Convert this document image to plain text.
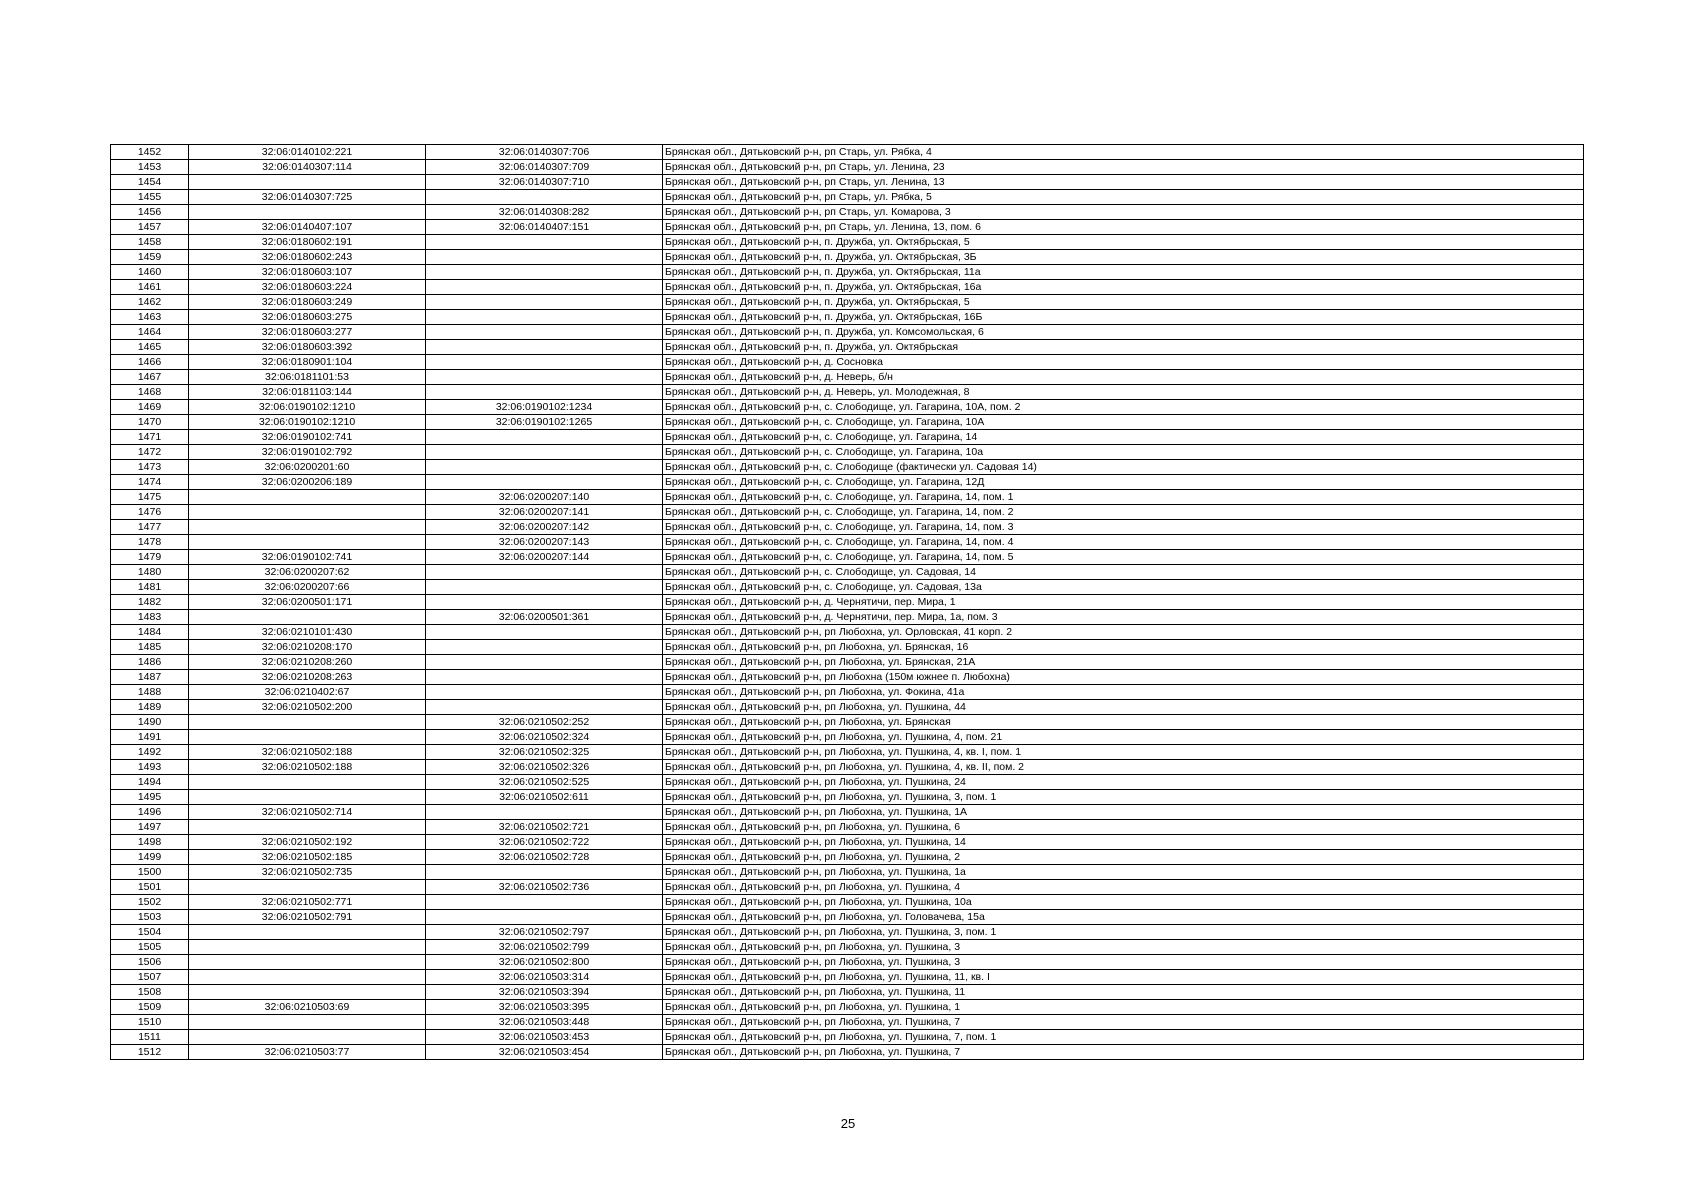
1452	32:06:0140102:221	32:06:0140307:706	Брянская обл., Дятьковский р-н, рп Старь, ул. Рябка, 4
1453	32:06:0140307:114	32:06:0140307:709	Брянская обл., Дятьковский р-н, рп Старь, ул. Ленина, 23
1454		32:06:0140307:710	Брянская обл., Дятьковский р-н, рп Старь, ул. Ленина, 13
1455	32:06:0140307:725		Брянская обл., Дятьковский р-н, рп Старь, ул. Рябка, 5
1456		32:06:0140308:282	Брянская обл., Дятьковский р-н, рп Старь, ул. Комарова, 3
1457	32:06:0140407:107	32:06:0140407:151	Брянская обл., Дятьковский р-н, рп Старь, ул. Ленина, 13, пом. 6
1458	32:06:0180602:191		Брянская обл., Дятьковский р-н, п. Дружба, ул. Октябрьская, 5
1459	32:06:0180602:243		Брянская обл., Дятьковский р-н, п. Дружба, ул. Октябрьская, 3Б
1460	32:06:0180603:107		Брянская обл., Дятьковский р-н, п. Дружба, ул. Октябрьская, 11а
1461	32:06:0180603:224		Брянская обл., Дятьковский р-н, п. Дружба, ул. Октябрьская, 16а
1462	32:06:0180603:249		Брянская обл., Дятьковский р-н, п. Дружба, ул. Октябрьская, 5
1463	32:06:0180603:275		Брянская обл., Дятьковский р-н, п. Дружба, ул. Октябрьская, 16Б
1464	32:06:0180603:277		Брянская обл., Дятьковский р-н, п. Дружба, ул. Комсомольская, 6
1465	32:06:0180603:392		Брянская обл., Дятьковский р-н, п. Дружба, ул. Октябрьская
1466	32:06:0180901:104		Брянская обл., Дятьковский р-н, д. Сосновка
1467	32:06:0181101:53		Брянская обл., Дятьковский р-н, д. Неверь, б/н
1468	32:06:0181103:144		Брянская обл., Дятьковский р-н, д. Неверь, ул. Молодежная, 8
1469	32:06:0190102:1210	32:06:0190102:1234	Брянская обл., Дятьковский р-н, с. Слободище, ул. Гагарина, 10А, пом. 2
1470	32:06:0190102:1210	32:06:0190102:1265	Брянская обл., Дятьковский р-н, с. Слободище, ул. Гагарина, 10А
1471	32:06:0190102:741		Брянская обл., Дятьковский р-н, с. Слободище, ул. Гагарина, 14
1472	32:06:0190102:792		Брянская обл., Дятьковский р-н, с. Слободище, ул. Гагарина, 10а
1473	32:06:0200201:60		Брянская обл., Дятьковский р-н, с. Слободище (фактически ул. Садовая 14)
1474	32:06:0200206:189		Брянская обл., Дятьковский р-н, с. Слободище, ул. Гагарина, 12Д
1475		32:06:0200207:140	Брянская обл., Дятьковский р-н, с. Слободище, ул. Гагарина, 14, пом. 1
1476		32:06:0200207:141	Брянская обл., Дятьковский р-н, с. Слободище, ул. Гагарина, 14, пом. 2
1477		32:06:0200207:142	Брянская обл., Дятьковский р-н, с. Слободище, ул. Гагарина, 14, пом. 3
1478		32:06:0200207:143	Брянская обл., Дятьковский р-н, с. Слободище, ул. Гагарина, 14, пом. 4
1479	32:06:0190102:741	32:06:0200207:144	Брянская обл., Дятьковский р-н, с. Слободище, ул. Гагарина, 14, пом. 5
1480	32:06:0200207:62		Брянская обл., Дятьковский р-н, с. Слободище, ул. Садовая, 14
1481	32:06:0200207:66		Брянская обл., Дятьковский р-н, с. Слободище, ул. Садовая, 13а
1482	32:06:0200501:171		Брянская обл., Дятьковский р-н, д. Чернятичи, пер. Мира, 1
1483		32:06:0200501:361	Брянская обл., Дятьковский р-н, д. Чернятичи, пер. Мира, 1а, пом. 3
1484	32:06:0210101:430		Брянская обл., Дятьковский р-н, рп Любохна, ул. Орловская, 41 корп. 2
1485	32:06:0210208:170		Брянская обл., Дятьковский р-н, рп Любохна, ул. Брянская, 16
1486	32:06:0210208:260		Брянская обл., Дятьковский р-н, рп Любохна, ул. Брянская, 21А
1487	32:06:0210208:263		Брянская обл., Дятьковский р-н, рп Любохна (150м южнее п. Любохна)
1488	32:06:0210402:67		Брянская обл., Дятьковский р-н, рп Любохна, ул. Фокина, 41а
1489	32:06:0210502:200		Брянская обл., Дятьковский р-н, рп Любохна, ул. Пушкина, 44
1490		32:06:0210502:252	Брянская обл., Дятьковский р-н, рп Любохна, ул. Брянская
1491		32:06:0210502:324	Брянская обл., Дятьковский р-н, рп Любохна, ул. Пушкина, 4, пом. 21
1492	32:06:0210502:188	32:06:0210502:325	Брянская обл., Дятьковский р-н, рп Любохна, ул. Пушкина, 4, кв. I, пом. 1
1493	32:06:0210502:188	32:06:0210502:326	Брянская обл., Дятьковский р-н, рп Любохна, ул. Пушкина, 4, кв. II, пом. 2
1494		32:06:0210502:525	Брянская обл., Дятьковский р-н, рп Любохна, ул. Пушкина, 24
1495		32:06:0210502:611	Брянская обл., Дятьковский р-н, рп Любохна, ул. Пушкина, 3, пом. 1
1496	32:06:0210502:714		Брянская обл., Дятьковский р-н, рп Любохна, ул. Пушкина, 1А
1497		32:06:0210502:721	Брянская обл., Дятьковский р-н, рп Любохна, ул. Пушкина, 6
1498	32:06:0210502:192	32:06:0210502:722	Брянская обл., Дятьковский р-н, рп Любохна, ул. Пушкина, 14
1499	32:06:0210502:185	32:06:0210502:728	Брянская обл., Дятьковский р-н, рп Любохна, ул. Пушкина, 2
1500	32:06:0210502:735		Брянская обл., Дятьковский р-н, рп Любохна, ул. Пушкина, 1а
1501		32:06:0210502:736	Брянская обл., Дятьковский р-н, рп Любохна, ул. Пушкина, 4
1502	32:06:0210502:771		Брянская обл., Дятьковский р-н, рп Любохна, ул. Пушкина, 10а
1503	32:06:0210502:791		Брянская обл., Дятьковский р-н, рп Любохна, ул. Головачева, 15а
1504		32:06:0210502:797	Брянская обл., Дятьковский р-н, рп Любохна, ул. Пушкина, 3, пом. 1
1505		32:06:0210502:799	Брянская обл., Дятьковский р-н, рп Любохна, ул. Пушкина, 3
1506		32:06:0210502:800	Брянская обл., Дятьковский р-н, рп Любохна, ул. Пушкина, 3
1507		32:06:0210503:314	Брянская обл., Дятьковский р-н, рп Любохна, ул. Пушкина, 11, кв. I
1508		32:06:0210503:394	Брянская обл., Дятьковский р-н, рп Любохна, ул. Пушкина, 11
1509	32:06:0210503:69	32:06:0210503:395	Брянская обл., Дятьковский р-н, рп Любохна, ул. Пушкина, 1
1510		32:06:0210503:448	Брянская обл., Дятьковский р-н, рп Любохна, ул. Пушкина, 7
1511		32:06:0210503:453	Брянская обл., Дятьковский р-н, рп Любохна, ул. Пушкина, 7, пом. 1
1512	32:06:0210503:77	32:06:0210503:454	Брянская обл., Дятьковский р-н, рп Любохна, ул. Пушкина, 7
25
